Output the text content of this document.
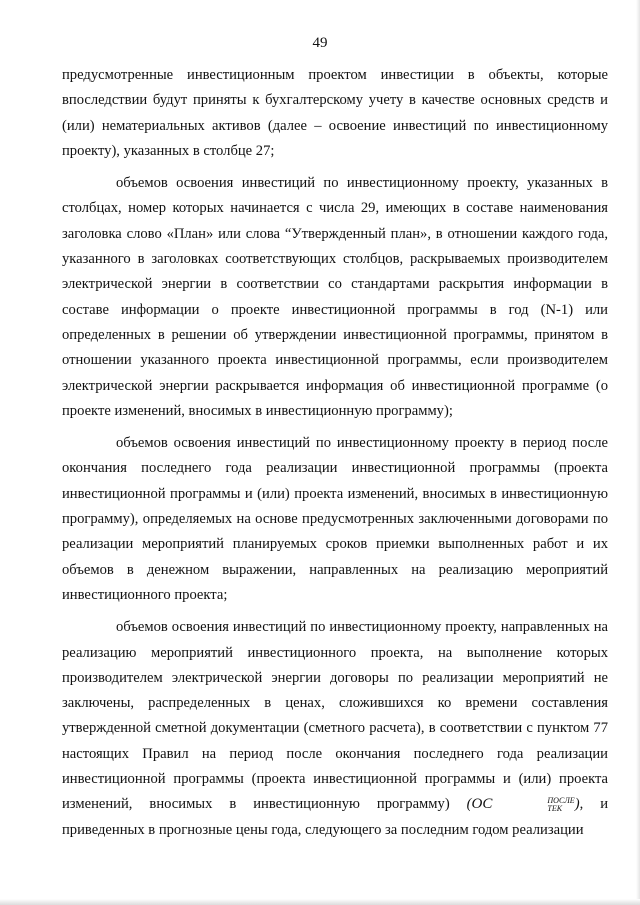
49

предусмотренные инвестиционным проектом инвестиции в объекты, которые впоследствии будут приняты к бухгалтерскому учету в качестве основных средств и (или) нематериальных активов (далее – освоение инвестиций по инвестиционному проекту), указанных в столбце 27;

объемов освоения инвестиций по инвестиционному проекту, указанных в столбцах, номер которых начинается с числа 29, имеющих в составе наименования заголовка слово «План» или слова “Утвержденный план», в отношении каждого года, указанного в заголовках соответствующих столбцов, раскрываемых производителем электрической энергии в соответствии со стандартами раскрытия информации в составе информации о проекте инвестиционной программы в год (N-1) или определенных в решении об утверждении инвестиционной программы, принятом в отношении указанного проекта инвестиционной программы, если производителем электрической энергии раскрывается информация об инвестиционной программе (о проекте изменений, вносимых в инвестиционную программу);

объемов освоения инвестиций по инвестиционному проекту в период после окончания последнего года реализации инвестиционной программы (проекта инвестиционной программы и (или) проекта изменений, вносимых в инвестиционную программу), определяемых на основе предусмотренных заключенными договорами по реализации мероприятий планируемых сроков приемки выполненных работ и их объемов в денежном выражении, направленных на реализацию мероприятий инвестиционного проекта;

объемов освоения инвестиций по инвестиционному проекту, направленных на реализацию мероприятий инвестиционного проекта, на выполнение которых производителем электрической энергии договоры по реализации мероприятий не заключены, распределенных в ценах, сложившихся ко времени составления утвержденной сметной документации (сметного расчета), в соответствии с пунктом 77 настоящих Правил на период после окончания последнего года реализации инвестиционной программы (проекта инвестиционной программы и (или) проекта изменений, вносимых в инвестиционную программу) (ОС	ПОСЛЕ
ТЕК ), и приведенных в прогнозные цены года, следующего за последним годом реализации
